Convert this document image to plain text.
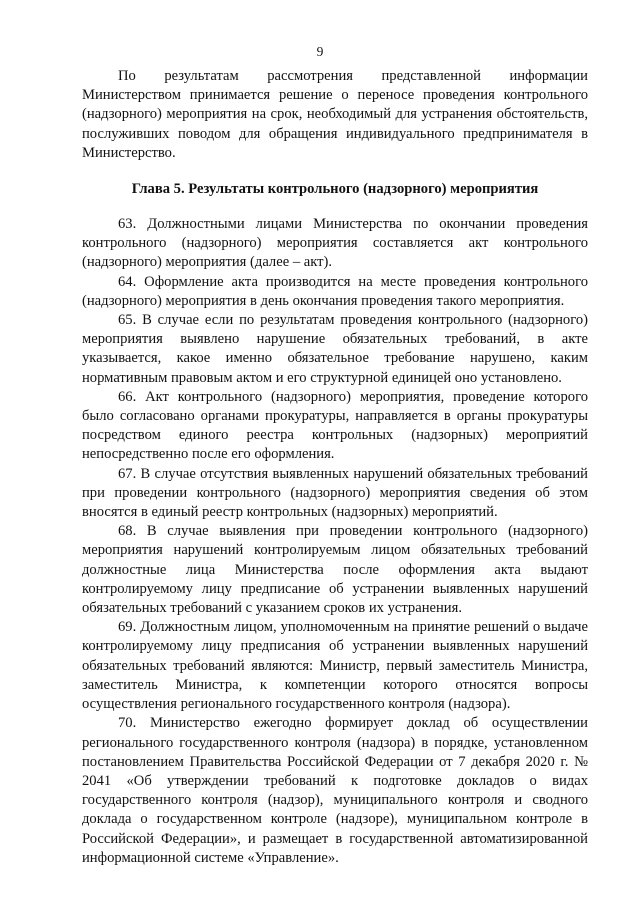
9

По результатам рассмотрения представленной информации Министерством принимается решение о переносе проведения контрольного (надзорного) мероприятия на срок, необходимый для устранения обстоятельств, послуживших поводом для обращения индивидуального предпринимателя в Министерство.

Глава 5. Результаты контрольного (надзорного) мероприятия

63. Должностными лицами Министерства по окончании проведения контрольного (надзорного) мероприятия составляется акт контрольного (надзорного) мероприятия (далее – акт).

64. Оформление акта производится на месте проведения контрольного (надзорного) мероприятия в день окончания проведения такого мероприятия.

65. В случае если по результатам проведения контрольного (надзорного) мероприятия выявлено нарушение обязательных требований, в акте указывается, какое именно обязательное требование нарушено, каким нормативным правовым актом и его структурной единицей оно установлено.

66. Акт контрольного (надзорного) мероприятия, проведение которого было согласовано органами прокуратуры, направляется в органы прокуратуры посредством единого реестра контрольных (надзорных) мероприятий непосредственно после его оформления.

67. В случае отсутствия выявленных нарушений обязательных требований при проведении контрольного (надзорного) мероприятия сведения об этом вносятся в единый реестр контрольных (надзорных) мероприятий.

68. В случае выявления при проведении контрольного (надзорного) мероприятия нарушений контролируемым лицом обязательных требований должностные лица Министерства после оформления акта выдают контролируемому лицу предписание об устранении выявленных нарушений обязательных требований с указанием сроков их устранения.

69. Должностным лицом, уполномоченным на принятие решений о выдаче контролируемому лицу предписания об устранении выявленных нарушений обязательных требований являются: Министр, первый заместитель Министра, заместитель Министра, к компетенции которого относятся вопросы осуществления регионального государственного контроля (надзора).

70. Министерство ежегодно формирует доклад об осуществлении регионального государственного контроля (надзора) в порядке, установленном постановлением Правительства Российской Федерации от 7 декабря 2020 г. № 2041 «Об утверждении требований к подготовке докладов о видах государственного контроля (надзор), муниципального контроля и сводного доклада о государственном контроле (надзоре), муниципальном контроле в Российской Федерации», и размещает в государственной автоматизированной информационной системе «Управление».
